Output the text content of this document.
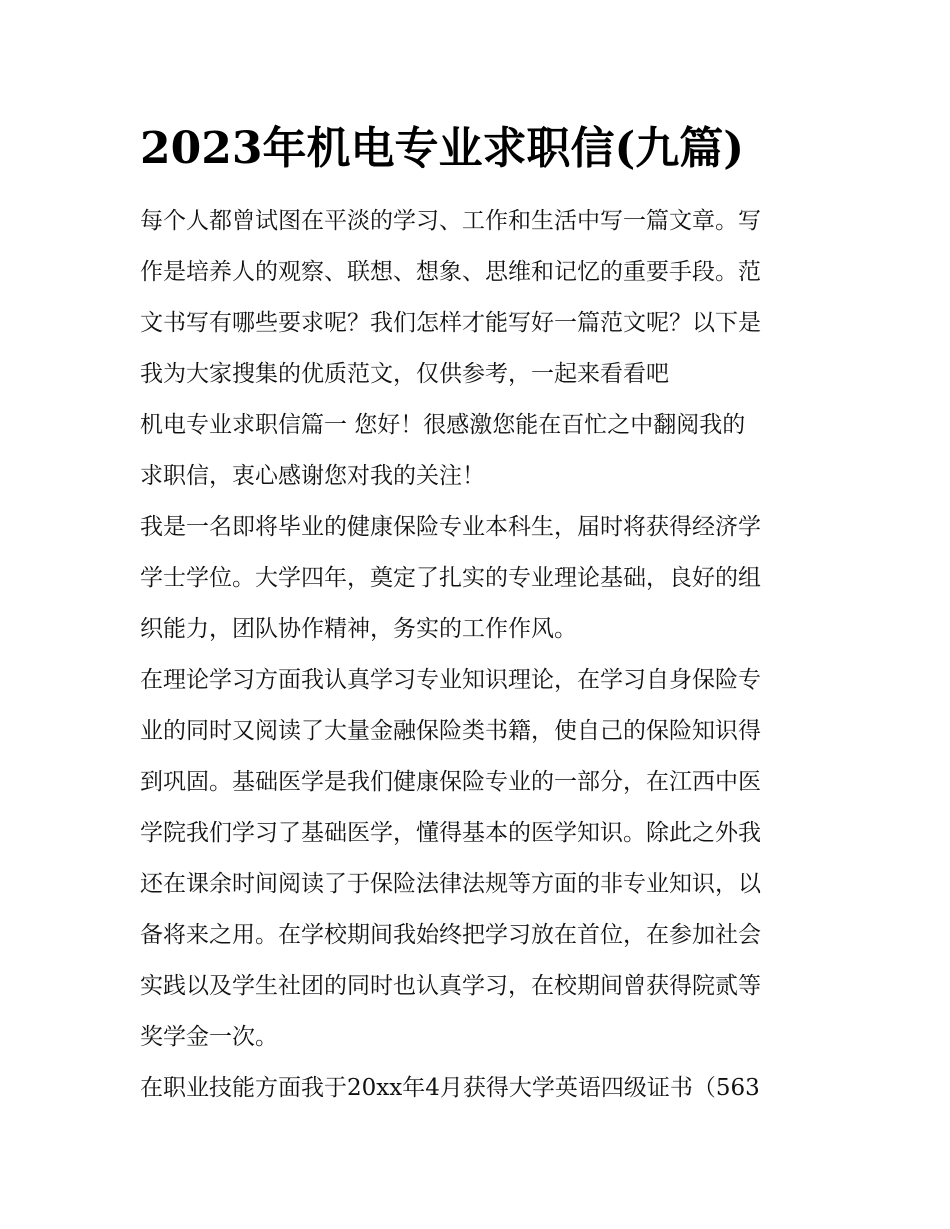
2023年机电专业求职信(九篇)

每个人都曾试图在平淡的学习、工作和生活中写一篇文章。写
作是培养人的观察、联想、想象、思维和记忆的重要手段。范
文书写有哪些要求呢？我们怎样才能写好一篇范文呢？以下是
我为大家搜集的优质范文，仅供参考，一起来看看吧

机电专业求职信篇一 您好！很感激您能在百忙之中翻阅我的
求职信，衷心感谢您对我的关注！

我是一名即将毕业的健康保险专业本科生，届时将获得经济学
学士学位。大学四年，奠定了扎实的专业理论基础，良好的组
织能力，团队协作精神，务实的工作作风。

在理论学习方面我认真学习专业知识理论，在学习自身保险专
业的同时又阅读了大量金融保险类书籍，使自己的保险知识得
到巩固。基础医学是我们健康保险专业的一部分，在江西中医
学院我们学习了基础医学，懂得基本的医学知识。除此之外我
还在课余时间阅读了于保险法律法规等方面的非专业知识，以
备将来之用。在学校期间我始终把学习放在首位，在参加社会
实践以及学生社团的同时也认真学习，在校期间曾获得院贰等
奖学金一次。

在职业技能方面我于20xx年4月获得大学英语四级证书（563
